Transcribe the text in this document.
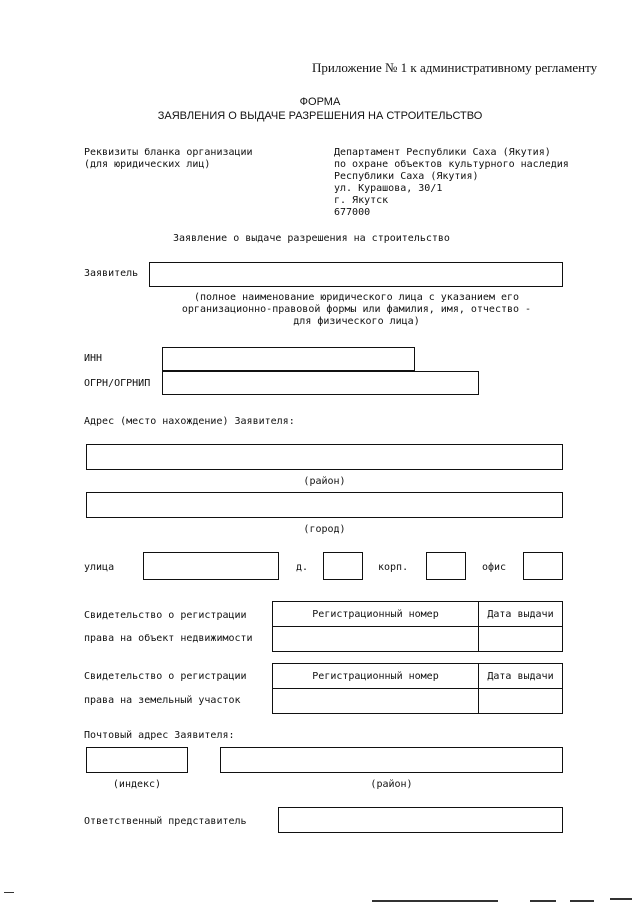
Приложение № 1 к административному регламенту
ФОРМА
ЗАЯВЛЕНИЯ О ВЫДАЧЕ РАЗРЕШЕНИЯ НА СТРОИТЕЛЬСТВО
Реквизиты бланка организации
(для юридических лиц)
Департамент Республики Саха (Якутия)
по охране объектов культурного наследия
Республики Саха (Якутия)
ул. Курашова, 30/1
г. Якутск
677000
Заявление о выдаче разрешения на строительство
Заявитель
(полное наименование юридического лица с указанием его
организационно-правовой формы или фамилия, имя, отчество -
для физического лица)
ИНН
ОГРН/ОГРНИП
Адрес (место нахождение) Заявителя:
(район)
(город)
улица	д.	корп.	офис
Свидетельство о регистрации
права на объект недвижимости
Регистрационный номер	Дата выдачи

Свидетельство о регистрации
права на земельный участок
Регистрационный номер	Дата выдачи

Почтовый адрес Заявителя:
(индекс)	(район)
Ответственный представитель
